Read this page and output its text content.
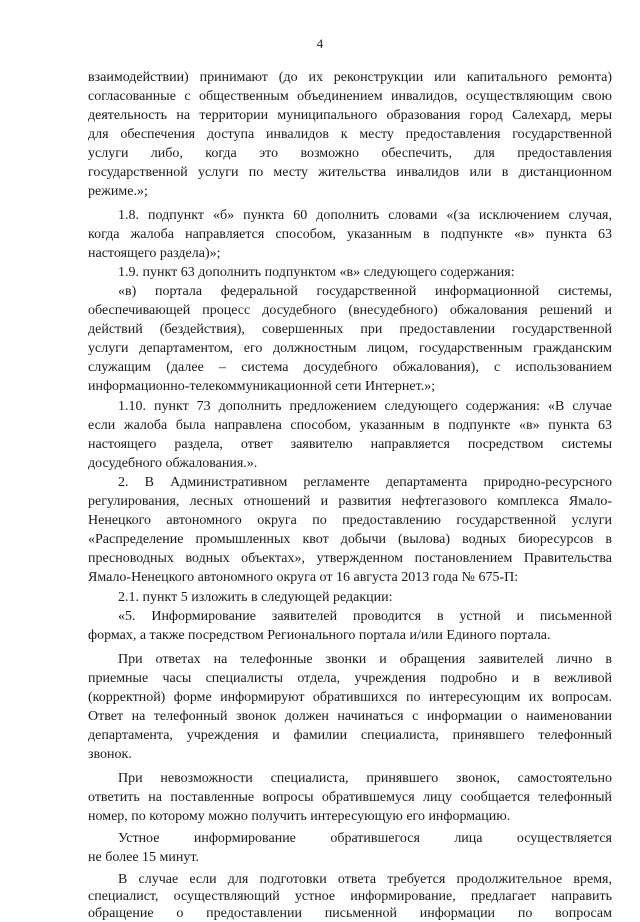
4
взаимодействии) принимают (до их реконструкции или капитального ремонта)
согласованные с общественным объединением инвалидов, осуществляющим свою
деятельность на территории муниципального образования город Салехард, меры
для обеспечения доступа инвалидов к месту предоставления государственной
услуги либо, когда это возможно обеспечить, для предоставления
государственной услуги по месту жительства инвалидов или в дистанционном
режиме.»;
1.8. подпункт «б» пункта 60 дополнить словами «(за исключением случая,
когда жалоба направляется способом, указанным в подпункте «в» пункта 63
настоящего раздела)»;
1.9. пункт 63 дополнить подпунктом «в» следующего содержания:
«в) портала федеральной государственной информационной системы,
обеспечивающей процесс досудебного (внесудебного) обжалования решений и
действий (бездействия), совершенных при предоставлении государственной
услуги департаментом, его должностным лицом, государственным гражданским
служащим (далее – система досудебного обжалования), с использованием
информационно-телекоммуникационной сети Интернет.»;
1.10. пункт 73 дополнить предложением следующего содержания: «В случае
если жалоба была направлена способом, указанным в подпункте «в» пункта 63
настоящего раздела, ответ заявителю направляется посредством системы
досудебного обжалования.».
2. В Административном регламенте департамента природно-ресурсного
регулирования, лесных отношений и развития нефтегазового комплекса Ямало-
Ненецкого автономного округа по предоставлению государственной услуги
«Распределение промышленных квот добычи (вылова) водных биоресурсов в
пресноводных водных объектах», утвержденном постановлением Правительства
Ямало-Ненецкого автономного округа от 16 августа 2013 года № 675-П:
2.1. пункт 5 изложить в следующей редакции:
«5. Информирование заявителей проводится в устной и письменной
формах, а также посредством Регионального портала и/или Единого портала.
При ответах на телефонные звонки и обращения заявителей лично в
приемные часы специалисты отдела, учреждения подробно и в вежливой
(корректной) форме информируют обратившихся по интересующим их вопросам.
Ответ на телефонный звонок должен начинаться с информации о наименовании
департамента, учреждения и фамилии специалиста, принявшего телефонный
звонок.
При невозможности специалиста, принявшего звонок, самостоятельно
ответить на поставленные вопросы обратившемуся лицу сообщается телефонный
номер, по которому можно получить интересующую его информацию.
Устное информирование обратившегося лица осуществляется
не более 15 минут.
В случае если для подготовки ответа требуется продолжительное время,
специалист, осуществляющий устное информирование, предлагает направить
обращение о предоставлении письменной информации по вопросам
